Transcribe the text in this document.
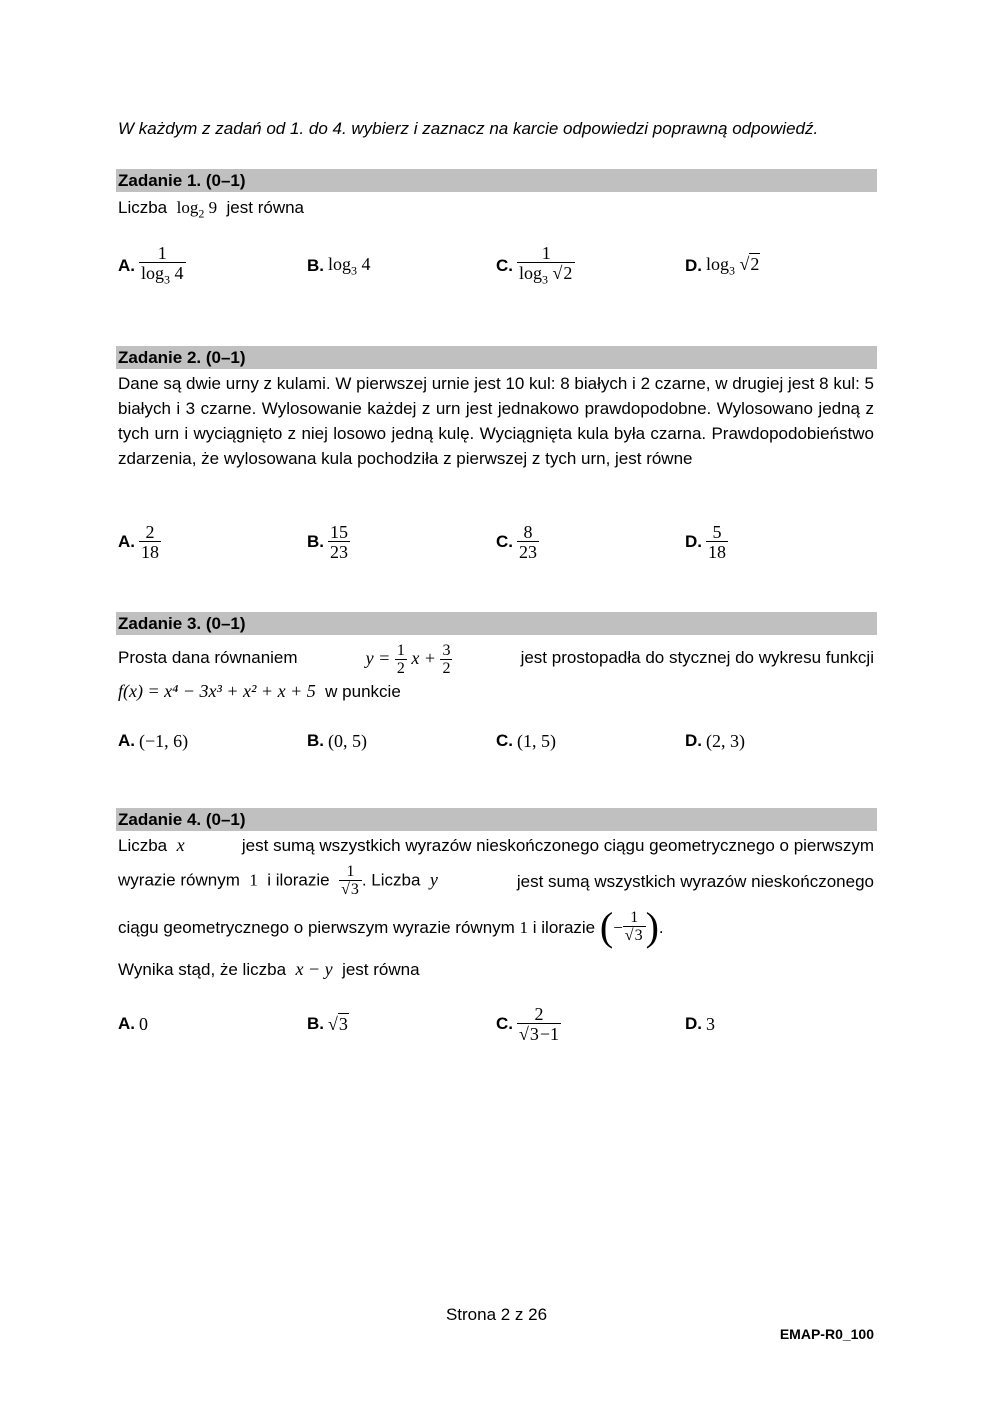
W każdym z zadań od 1. do 4. wybierz i zaznacz na karcie odpowiedzi poprawną odpowiedź.
Zadanie 1. (0–1)
Liczba $\log_2 9$ jest równa
A. $\frac{1}{\log_3 4}$	B. $\log_3 4$	C. $\frac{1}{\log_3 √2}$	D. $\log_3 √2$
Zadanie 2. (0–1)
Dane są dwie urny z kulami. W pierwszej urnie jest 10 kul: 8 białych i 2 czarne, w drugiej jest 8 kul: 5 białych i 3 czarne. Wylosowanie każdej z urn jest jednakowo prawdopodobne. Wylosowano jedną z tych urn i wyciągnięto z niej losowo jedną kulę. Wyciągnięta kula była czarna. Prawdopodobieństwo zdarzenia, że wylosowana kula pochodziła z pierwszej z tych urn, jest równe
A. $\frac{2}{18}$	B. $\frac{15}{23}$	C. $\frac{8}{23}$	D. $\frac{5}{18}$
Zadanie 3. (0–1)
Prosta dana równaniem	$y = \frac{1}{2}$ $x + \frac{3}{2}$	jest prostopadła do stycznej do wykresu funkcji
f(x) = x⁴ − 3x³ + x² + x + 5 w punkcie
A. (−1, 6)	B. (0, 5)	C. (1, 5)	D. (2, 3)
Zadanie 4. (0–1)
Liczba x	jest sumą wszystkich wyrazów nieskończonego ciągu geometrycznego o pierwszym
wyrazie równym 1 i ilorazie $\frac{1}{√3}$ . Liczba y	jest sumą wszystkich wyrazów nieskończonego
ciągu geometrycznego o pierwszym wyrazie równym
1
i ilorazie
( − $\frac{1}{√3}$ ) .
Wynika stąd, że liczba x − y jest równa
A. 0	B. √3	C. $\frac{2}{√3-1}$	D. 3
Strona 2 z 26
EMAP-R0_100
